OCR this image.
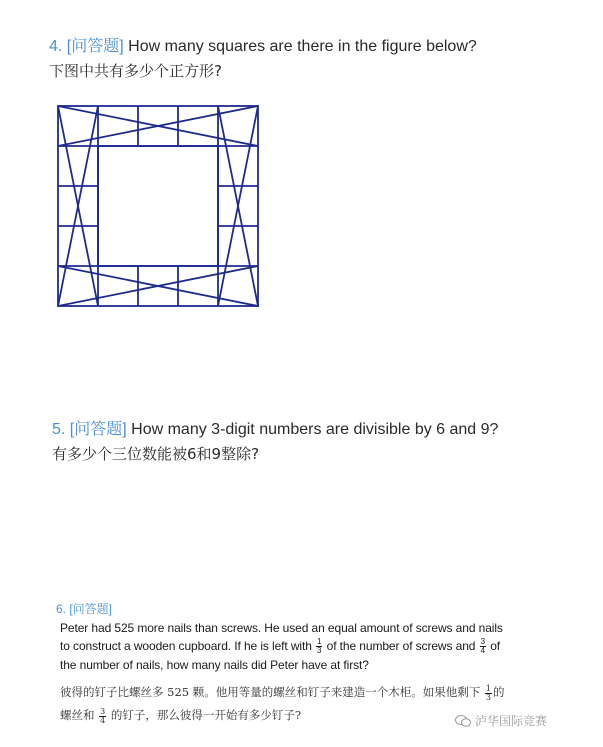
4. [问答题] How many squares are there in the figure below?
下图中共有多少个正方形?
5. [问答题] How many 3-digit numbers are divisible by 6 and 9?
有多少个三位数能被6和9整除?
6. [问答题]
Peter had 525 more nails than screws. He used an equal amount of screws and nails
to construct a wooden cupboard. If he is left with $\frac{1}{3}$ of the number of screws and $\frac{3}{4}$ of
the number of nails, how many nails did Peter have at first?
彼得的钉子比螺丝多 525 颗。他用等量的螺丝和钉子来建造一个木柜。如果他剩下 $\frac{1}{3}$ 的
螺丝和 $\frac{3}{4}$ 的钉子，那么彼得一开始有多少钉子?	泸华国际竞赛
